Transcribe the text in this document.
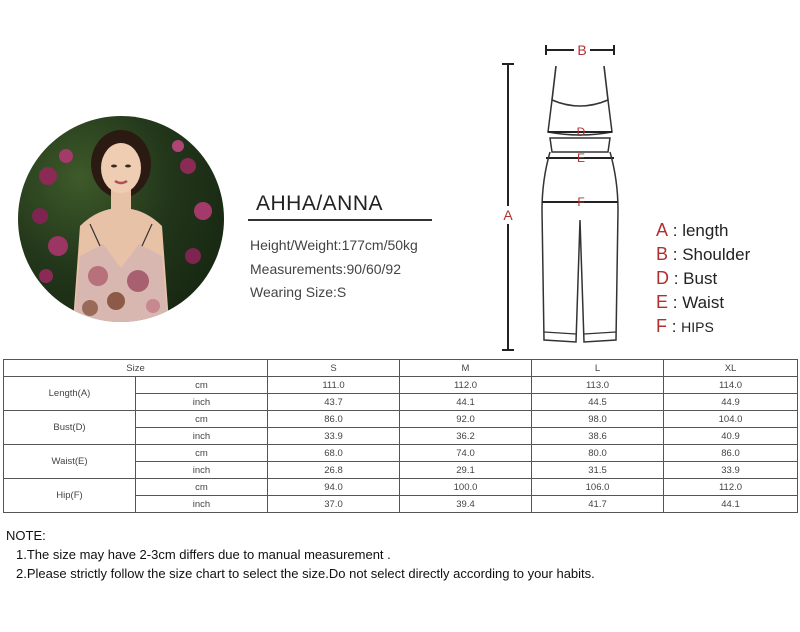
AHHA/ANNA
Height/Weight:177cm/50kg
Measurements:90/60/92
Wearing Size:S
B
A
D
E
F
A : length
B : Shoulder
D : Bust
E : Waist
F : HIPS
Size		S	M	L	XL
Length(A)	cm	111.0	112.0	113.0	114.0
	inch	43.7	44.1	44.5	44.9
Bust(D)	cm	86.0	92.0	98.0	104.0
	inch	33.9	36.2	38.6	40.9
Waist(E)	cm	68.0	74.0	80.0	86.0
	inch	26.8	29.1	31.5	33.9
Hip(F)	cm	94.0	100.0	106.0	112.0
	inch	37.0	39.4	41.7	44.1
NOTE:
1.The size may have 2-3cm differs due to manual measurement .
2.Please strictly follow the size chart to select the size.Do not select directly according to your habits.
